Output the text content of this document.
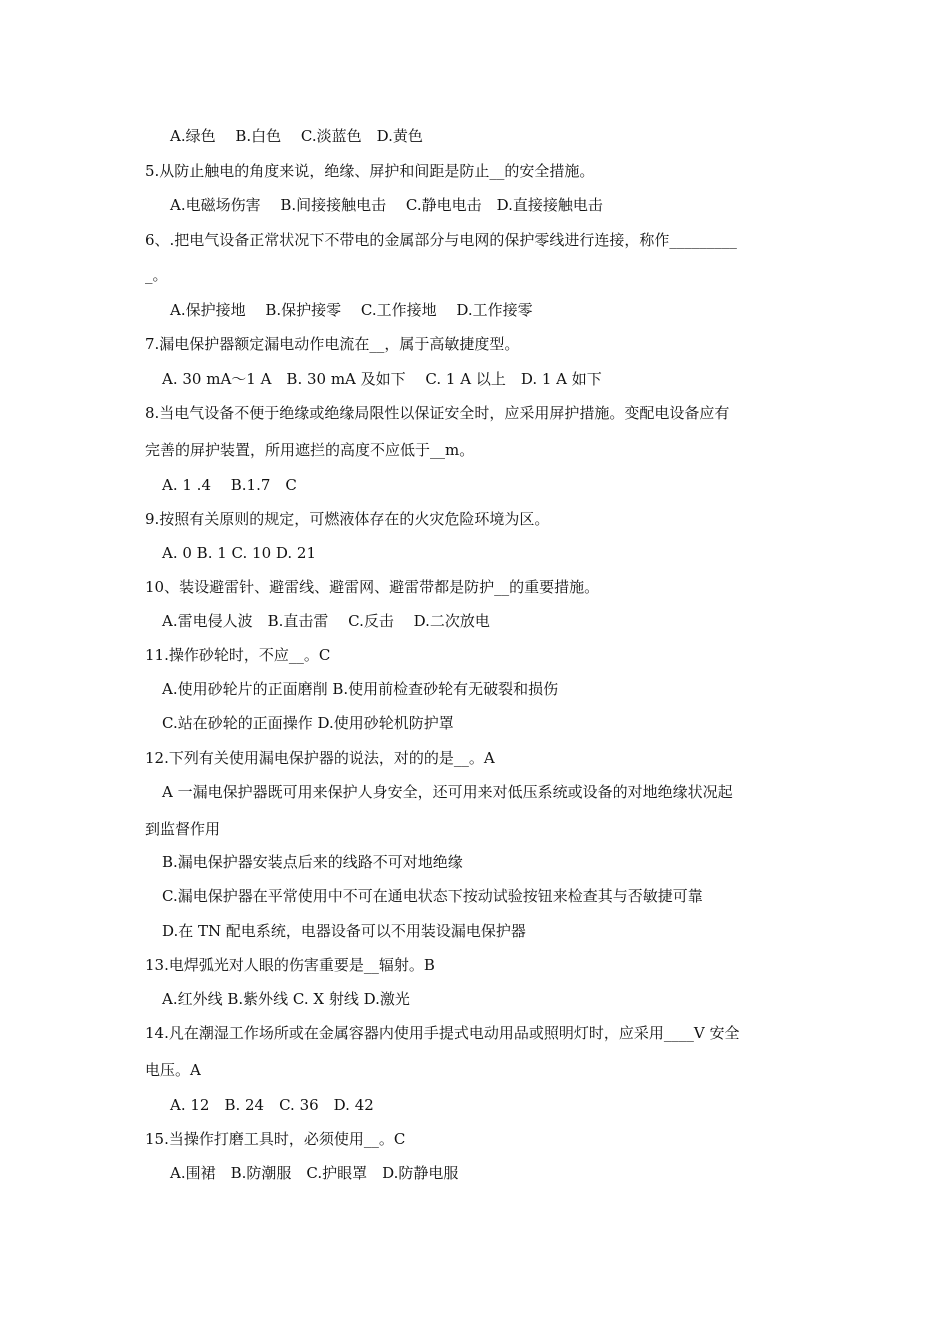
A.绿色　 B.白色　 C.淡蓝色　D.黄色
5.从防止触电的角度来说，绝缘、屏护和间距是防止__的安全措施。
A.电磁场伤害　 B.间接接触电击　 C.静电电击　D.直接接触电击
6、.把电气设备正常状况下不带电的金属部分与电网的保护零线进行连接，称作_________
_。
A.保护接地　 B.保护接零　 C.工作接地　 D.工作接零
7.漏电保护器额定漏电动作电流在__，属于高敏捷度型。
A. 30 mA～1 A　B. 30 mA 及如下　 C. 1 A 以上　D. 1 A 如下
8.当电气设备不便于绝缘或绝缘局限性以保证安全时，应采用屏护措施。变配电设备应有
完善的屏护装置，所用遮拦的高度不应低于__m。
A. 1 .4　 B.1.7　C
9.按照有关原则的规定，可燃液体存在的火灾危险环境为区。
A. 0 B. 1 C. 10 D. 21
10、装设避雷针、避雷线、避雷网、避雷带都是防护__的重要措施。
A.雷电侵人波　B.直击雷　 C.反击　 D.二次放电
11.操作砂轮时，不应__。C
A.使用砂轮片的正面磨削 B.使用前检查砂轮有无破裂和损伤
C.站在砂轮的正面操作 D.使用砂轮机防护罩
12.下列有关使用漏电保护器的说法，对的的是__。A
A 一漏电保护器既可用来保护人身安全，还可用来对低压系统或设备的对地绝缘状况起
到监督作用
B.漏电保护器安装点后来的线路不可对地绝缘
C.漏电保护器在平常使用中不可在通电状态下按动试验按钮来检查其与否敏捷可靠
D.在 TN 配电系统，电器设备可以不用装设漏电保护器
13.电焊弧光对人眼的伤害重要是__辐射。B
A.红外线 B.紫外线 C. X 射线 D.激光
14.凡在潮湿工作场所或在金属容器内使用手提式电动用品或照明灯时，应采用____V 安全
电压。A
A. 12　B. 24　C. 36　D. 42
15.当操作打磨工具时，必须使用__。C
A.围裙　B.防潮服　C.护眼罩　D.防静电服
